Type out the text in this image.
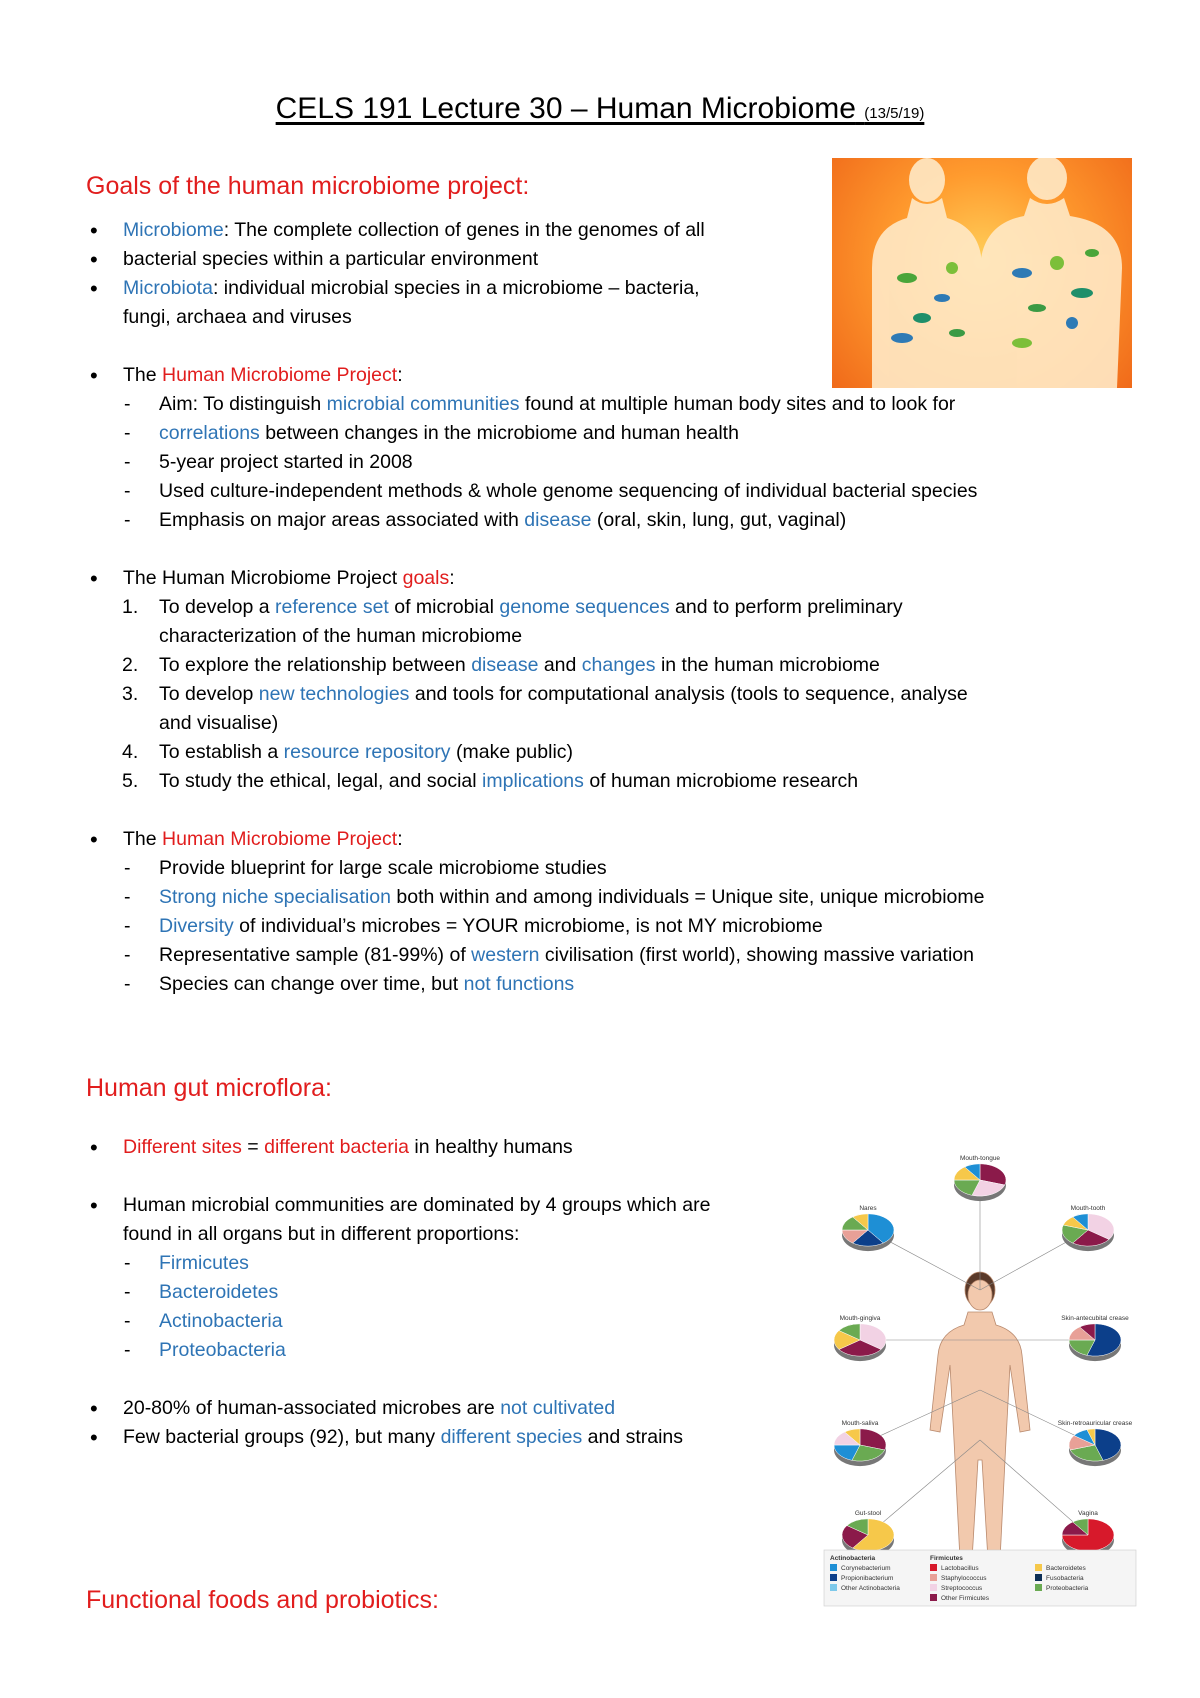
CELS 191 Lecture 30 – Human Microbiome (13/5/19)
Goals of the human microbiome project:
• Microbiome: The complete collection of genes in the genomes of all
• bacterial species within a particular environment
• Microbiota: individual microbial species in a microbiome – bacteria,
fungi, archaea and viruses
• The Human Microbiome Project:
- Aim: To distinguish microbial communities found at multiple human body sites and to look for
- correlations between changes in the microbiome and human health
- 5-year project started in 2008
- Used culture-independent methods & whole genome sequencing of individual bacterial species
- Emphasis on major areas associated with disease (oral, skin, lung, gut, vaginal)
• The Human Microbiome Project goals:
1. To develop a reference set of microbial genome sequences and to perform preliminary
characterization of the human microbiome
2. To explore the relationship between disease and changes in the human microbiome
3. To develop new technologies and tools for computational analysis (tools to sequence, analyse
and visualise)
4. To establish a resource repository (make public)
5. To study the ethical, legal, and social implications of human microbiome research
• The Human Microbiome Project:
- Provide blueprint for large scale microbiome studies
- Strong niche specialisation both within and among individuals = Unique site, unique microbiome
- Diversity of individual’s microbes = YOUR microbiome, is not MY microbiome
- Representative sample (81-99%) of western civilisation (first world), showing massive variation
- Species can change over time, but not functions
Human gut microflora:
• Different sites = different bacteria in healthy humans
• Human microbial communities are dominated by 4 groups which are
found in all organs but in different proportions:
- Firmicutes
- Bacteroidetes
- Actinobacteria
- Proteobacteria
• 20-80% of human-associated microbes are not cultivated
• Few bacterial groups (92), but many different species and strains
Functional foods and probiotics:
Mouth-tongue
Nares	Mouth-tooth
Mouth-gingiva	Skin-antecubital crease
Mouth-saliva	Skin-retroauricular crease
Gut-stool	Vagina
Actinobacteria
Corynebacterium
Propionibacterium
Other Actinobacteria
Firmicutes
Lactobacillus
Staphylococcus
Streptococcus
Other Firmicutes
Bacteroidetes
Fusobacteria
Proteobacteria
